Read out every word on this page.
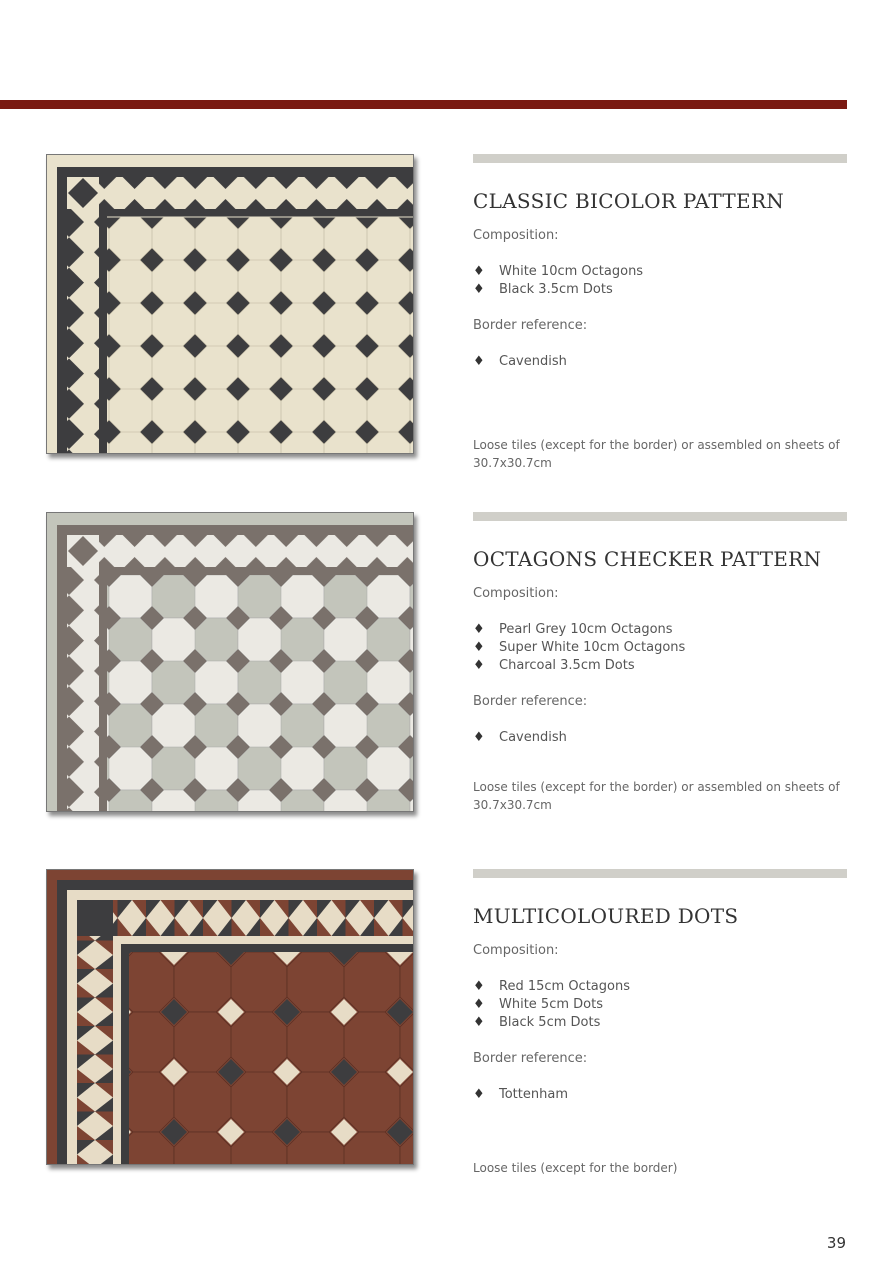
CLASSIC BICOLOR PATTERN

Composition:

♦ White 10cm Octagons
♦ Black 3.5cm Dots

Border reference:

♦ Cavendish

Loose tiles (except for the border) or assembled on sheets of 30.7x30.7cm

OCTAGONS CHECKER PATTERN

Composition:

♦ Pearl Grey 10cm Octagons
♦ Super White 10cm Octagons
♦ Charcoal 3.5cm Dots

Border reference:

♦ Cavendish

Loose tiles (except for the border) or assembled on sheets of 30.7x30.7cm

MULTICOLOURED DOTS

Composition:

♦ Red 15cm Octagons
♦ White 5cm Dots
♦ Black 5cm Dots

Border reference:

♦ Tottenham

Loose tiles (except for the border)

39
